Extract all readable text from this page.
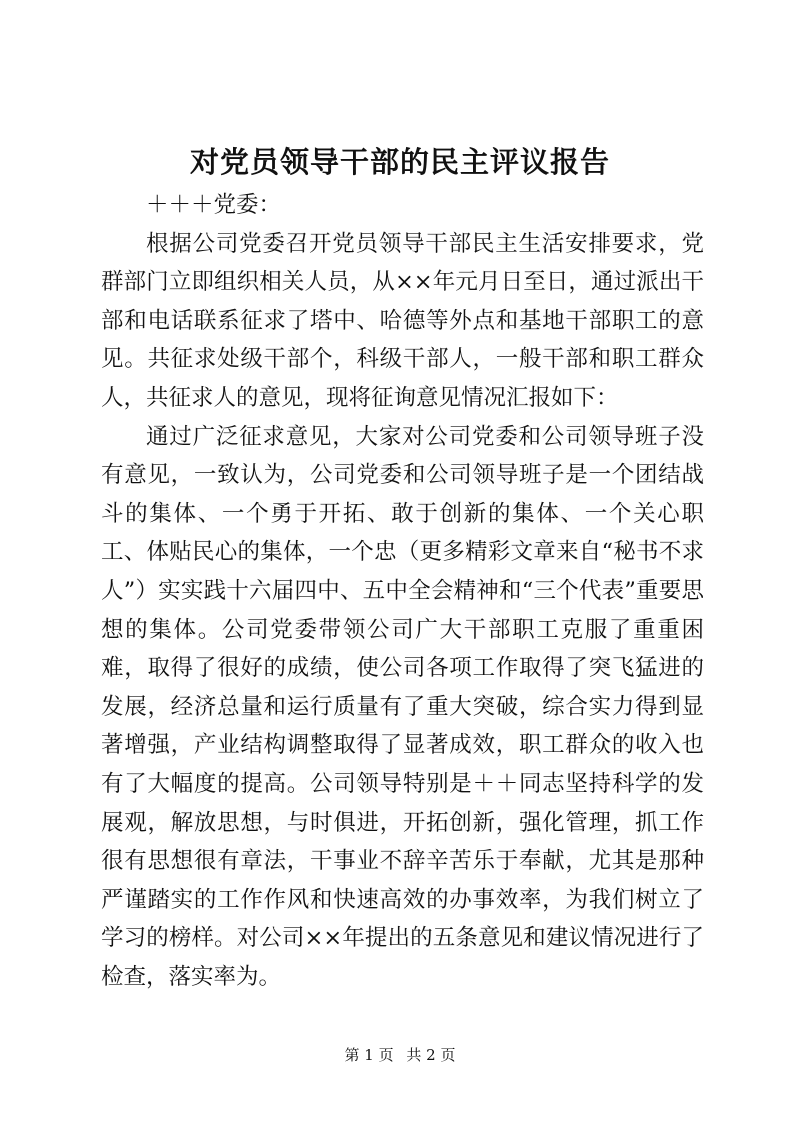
对党员领导干部的民主评议报告

＋＋＋党委：

根据公司党委召开党员领导干部民主生活安排要求，党群部门立即组织相关人员，从××年元月日至日，通过派出干部和电话联系征求了塔中、哈德等外点和基地干部职工的意见。共征求处级干部个，科级干部人，一般干部和职工群众人，共征求人的意见，现将征询意见情况汇报如下：

通过广泛征求意见，大家对公司党委和公司领导班子没有意见，一致认为，公司党委和公司领导班子是一个团结战斗的集体、一个勇于开拓、敢于创新的集体、一个关心职工、体贴民心的集体，一个忠（更多精彩文章来自“秘书不求人”）实实践十六届四中、五中全会精神和“三个代表”重要思想的集体。公司党委带领公司广大干部职工克服了重重困难，取得了很好的成绩，使公司各项工作取得了突飞猛进的发展，经济总量和运行质量有了重大突破，综合实力得到显著增强，产业结构调整取得了显著成效，职工群众的收入也有了大幅度的提高。公司领导特别是＋＋同志坚持科学的发展观，解放思想，与时俱进，开拓创新，强化管理，抓工作很有思想很有章法，干事业不辞辛苦乐于奉献，尤其是那种严谨踏实的工作作风和快速高效的办事效率，为我们树立了学习的榜样。对公司××年提出的五条意见和建议情况进行了检查，落实率为。

第 1 页 共 2 页
